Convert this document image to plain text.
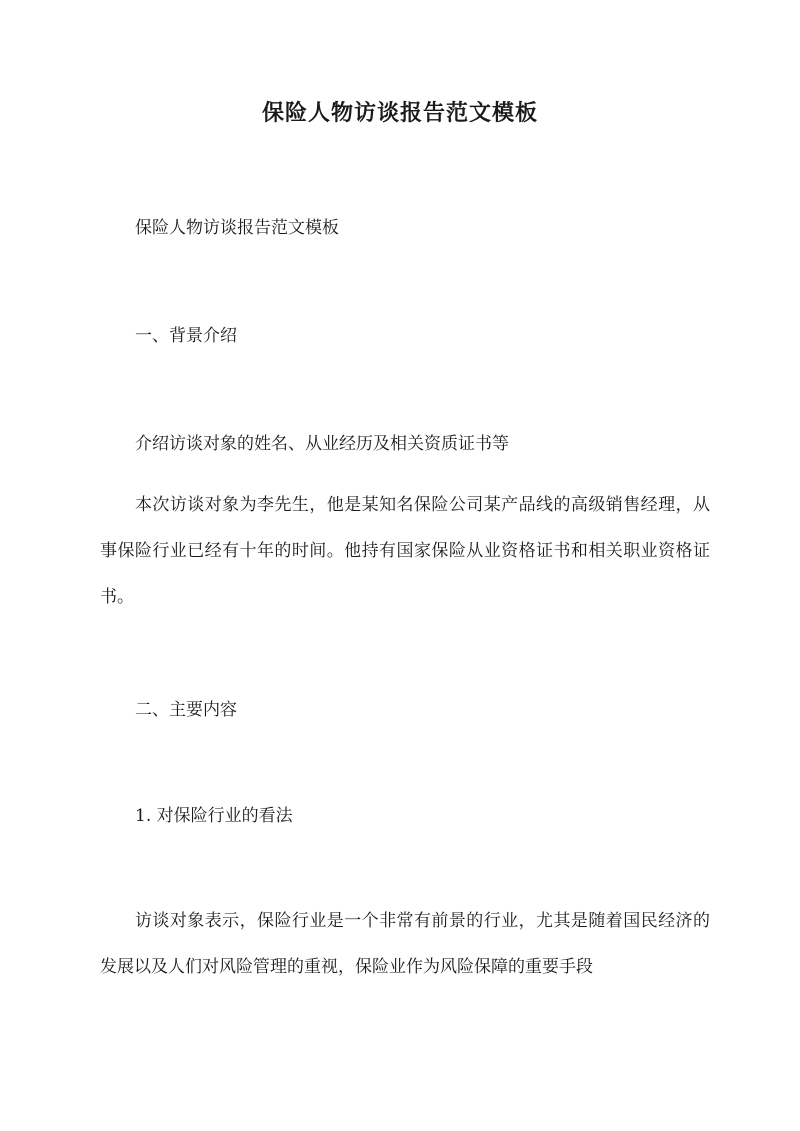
保险人物访谈报告范文模板

保险人物访谈报告范文模板

一、背景介绍

介绍访谈对象的姓名、从业经历及相关资质证书等

本次访谈对象为李先生，他是某知名保险公司某产品线的高级销售经理，从事保险行业已经有十年的时间。他持有国家保险从业资格证书和相关职业资格证书。

二、主要内容

1. 对保险行业的看法

访谈对象表示，保险行业是一个非常有前景的行业，尤其是随着国民经济的发展以及人们对风险管理的重视，保险业作为风险保障的重要手段
